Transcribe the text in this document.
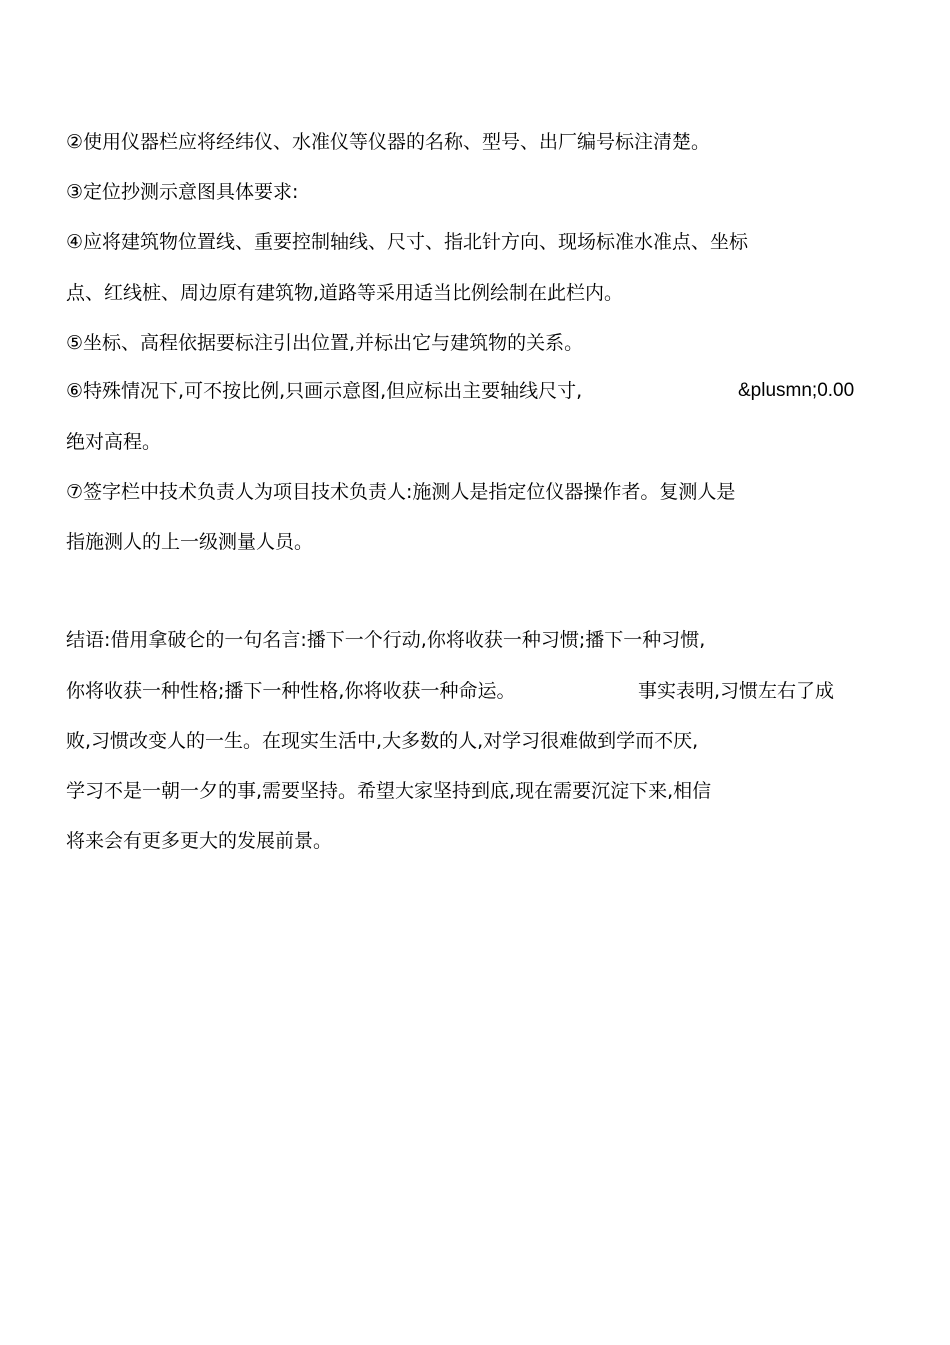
②使用仪器栏应将经纬仪、水准仪等仪器的名称、型号、出厂编号标注清楚。
③定位抄测示意图具体要求:
④应将建筑物位置线、重要控制轴线、尺寸、指北针方向、现场标准水准点、坐标
点、红线桩、周边原有建筑物,道路等采用适当比例绘制在此栏内。
⑤坐标、高程依据要标注引出位置,并标出它与建筑物的关系。
⑥特殊情况下,可不按比例,只画示意图,但应标出主要轴线尺寸,	&plusmn;0.00
绝对高程。
⑦签字栏中技术负责人为项目技术负责人:施测人是指定位仪器操作者。复测人是
指施测人的上一级测量人员。
结语:借用拿破仑的一句名言:播下一个行动,你将收获一种习惯;播下一种习惯,
你将收获一种性格;播下一种性格,你将收获一种命运。	事实表明,习惯左右了成
败,习惯改变人的一生。在现实生活中,大多数的人,对学习很难做到学而不厌,
学习不是一朝一夕的事,需要坚持。希望大家坚持到底,现在需要沉淀下来,相信
将来会有更多更大的发展前景。
